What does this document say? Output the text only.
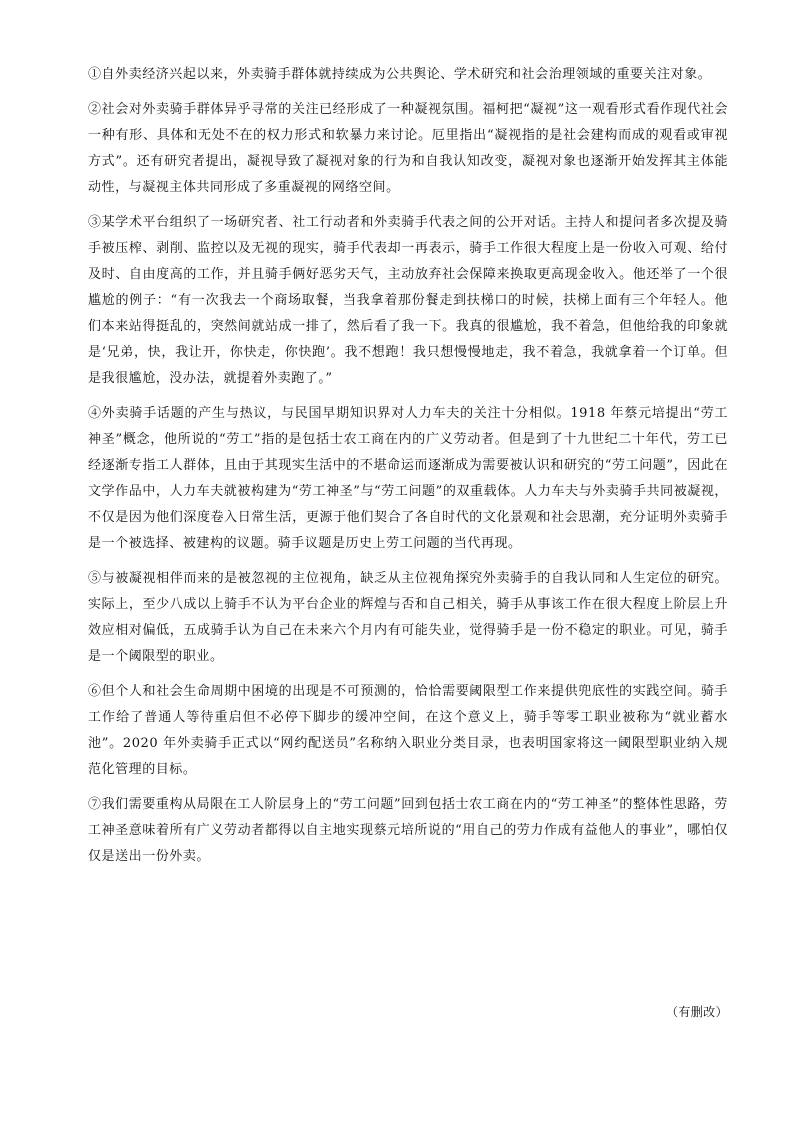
①自外卖经济兴起以来，外卖骑手群体就持续成为公共舆论、学术研究和社会治理领域的重要关注对象。

②社会对外卖骑手群体异乎寻常的关注已经形成了一种凝视氛围。福柯把“凝视”这一观看形式看作现代社会一种有形、具体和无处不在的权力形式和软暴力来讨论。厄里指出“凝视指的是社会建构而成的观看或审视方式”。还有研究者提出，凝视导致了凝视对象的行为和自我认知改变，凝视对象也逐渐开始发挥其主体能动性，与凝视主体共同形成了多重凝视的网络空间。

③某学术平台组织了一场研究者、社工行动者和外卖骑手代表之间的公开对话。主持人和提问者多次提及骑手被压榨、剥削、监控以及无视的现实，骑手代表却一再表示，骑手工作很大程度上是一份收入可观、给付及时、自由度高的工作，并且骑手俩好恶劣天气，主动放弃社会保障来换取更高现金收入。他还举了一个很尴尬的例子：“有一次我去一个商场取餐，当我拿着那份餐走到扶梯口的时候，扶梯上面有三个年轻人。他们本来站得挺乱的，突然间就站成一排了，然后看了我一下。我真的很尴尬，我不着急，但他给我的印象就是‘兄弟，快，我让开，你快走，你快跑’。我不想跑！我只想慢慢地走，我不着急，我就拿着一个订单。但是我很尴尬，没办法，就提着外卖跑了。”

④外卖骑手话题的产生与热议，与民国早期知识界对人力车夫的关注十分相似。1918 年蔡元培提出“劳工神圣”概念，他所说的“劳工”指的是包括士农工商在内的广义劳动者。但是到了十九世纪二十年代，劳工已经逐渐专指工人群体，且由于其现实生活中的不堪命运而逐渐成为需要被认识和研究的“劳工问题”，因此在文学作品中，人力车夫就被构建为“劳工神圣”与“劳工问题”的双重载体。人力车夫与外卖骑手共同被凝视，不仅是因为他们深度卷入日常生活，更源于他们契合了各自时代的文化景观和社会思潮，充分证明外卖骑手是一个被选择、被建构的议题。骑手议题是历史上劳工问题的当代再现。

⑤与被凝视相伴而来的是被忽视的主位视角，缺乏从主位视角探究外卖骑手的自我认同和人生定位的研究。实际上，至少八成以上骑手不认为平台企业的辉煌与否和自己相关，骑手从事该工作在很大程度上阶层上升效应相对偏低，五成骑手认为自己在未来六个月内有可能失业，觉得骑手是一份不稳定的职业。可见，骑手是一个阈限型的职业。

⑥但个人和社会生命周期中困境的出现是不可预测的，恰恰需要阈限型工作来提供兜底性的实践空间。骑手工作给了普通人等待重启但不必停下脚步的缓冲空间，在这个意义上，骑手等零工职业被称为“就业蓄水池”。2020 年外卖骑手正式以“网约配送员”名称纳入职业分类目录，也表明国家将这一阈限型职业纳入规范化管理的目标。

⑦我们需要重构从局限在工人阶层身上的“劳工问题”回到包括士农工商在内的“劳工神圣”的整体性思路，劳工神圣意味着所有广义劳动者都得以自主地实现蔡元培所说的“用自己的劳力作成有益他人的事业”，哪怕仅仅是送出一份外卖。

（有删改）
